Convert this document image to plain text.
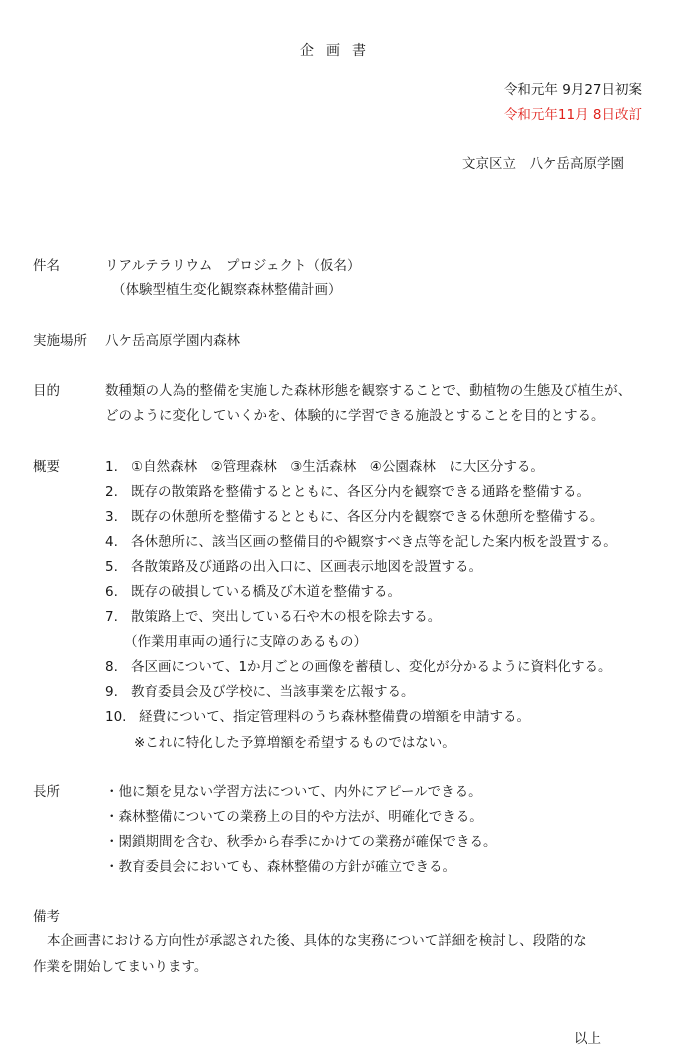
企画書
令和元年 9月27日初案
令和元年11月 8日改訂
文京区立　八ケ岳高原学園
件名	リアルテラリウム　プロジェクト（仮名）
（体験型植生変化観察森林整備計画）
実施場所 八ケ岳高原学園内森林
目的	数種類の人為的整備を実施した森林形態を観察することで、動植物の生態及び植生が、
どのように変化していくかを、体験的に学習できる施設とすることを目的とする。
概要	1. ①自然森林　②管理森林　③生活森林　④公園森林　に大区分する。
2. 既存の散策路を整備するとともに、各区分内を観察できる通路を整備する。
3. 既存の休憩所を整備するとともに、各区分内を観察できる休憩所を整備する。
4. 各休憩所に、該当区画の整備目的や観察すべき点等を記した案内板を設置する。
5. 各散策路及び通路の出入口に、区画表示地図を設置する。
6. 既存の破損している橋及び木道を整備する。
7. 散策路上で、突出している石や木の根を除去する。
（作業用車両の通行に支障のあるもの）
8. 各区画について、1か月ごとの画像を蓄積し、変化が分かるように資料化する。
9. 教育委員会及び学校に、当該事業を広報する。
10. 経費について、指定管理料のうち森林整備費の増額を申請する。
※これに特化した予算増額を希望するものではない。
長所	・他に類を見ない学習方法について、内外にアピールできる。
・森林整備についての業務上の目的や方法が、明確化できる。
・閑鎖期間を含む、秋季から春季にかけての業務が確保できる。
・教育委員会においても、森林整備の方針が確立できる。
備考
本企画書における方向性が承認された後、具体的な実務について詳細を検討し、段階的な
作業を開始してまいります。
以上
